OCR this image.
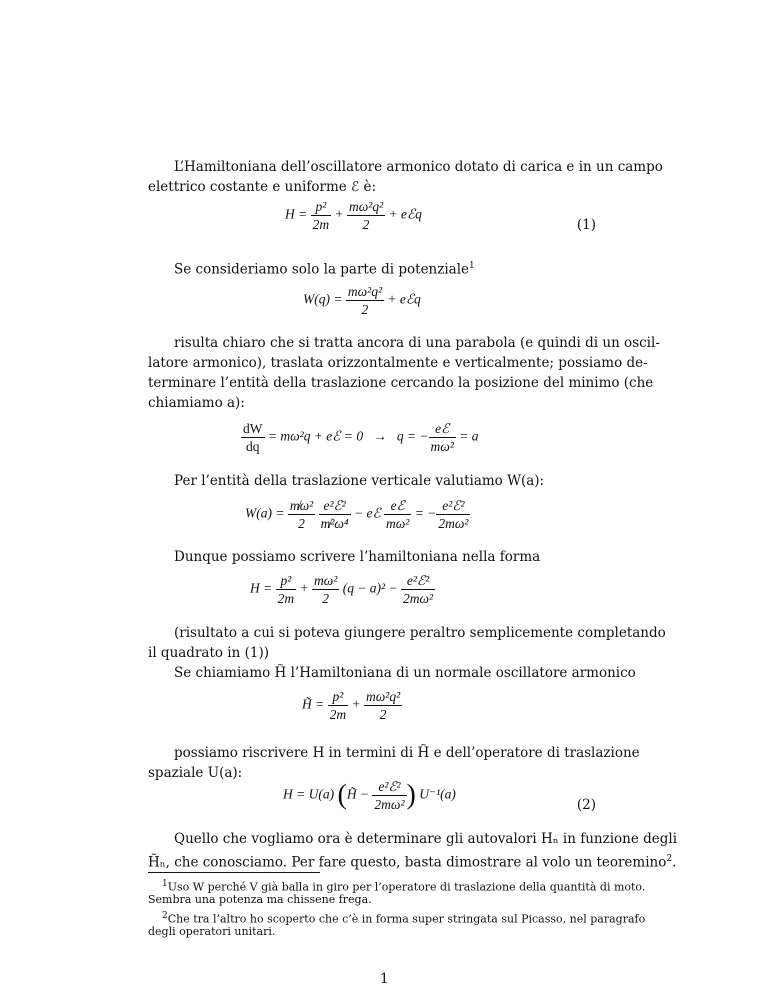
L’Hamiltoniana dell’oscillatore armonico dotato di carica e in un campo
elettrico costante e uniforme ℰ è:
$H = \frac{\text{p²}}{2m} + \frac{\text{mω²q²}}{2}$ + eℰq
(1)
Se consideriamo solo la parte di potenziale$^1$
$W(q) = \frac{\text{mω²q²}}{2}$ + eℰq
risulta chiaro che si tratta ancora di una parabola (e quindi di un oscil-
latore armonico), traslata orizzontalmente e verticalmente; possiamo de-
terminare l’entità della traslazione cercando la posizione del minimo (che
chiamiamo a):
$\frac{dW}{dq} = m\omega^2q$ + eℰ = 0   →   q = − $\frac{\text{eℰ}}{\text{mω²}} = a$
Per l’entità della traslazione verticale valutiamo W(a):
$W(a) = \frac{\text{m̸ω²}}{2}$
$\frac{\text{e²ℰ²}}{\text{m̸²ω⁴}}$ − eℰ $\frac{\text{eℰ}}{\text{mω²}}$ = − $\frac{\text{e²ℰ²}}{\text{2mω²}}$
Dunque possiamo scrivere l’hamiltoniana nella forma
$H = \frac{\text{p²}}{2m} + \frac{\text{mω²}}{2} (q - a)^2 - \frac{\text{e²ℰ²}}{\text{2mω²}}$
(risultato a cui si poteva giungere peraltro semplicemente completando
il quadrato in (1))
Se chiamiamo H̃ l’Hamiltoniana di un normale oscillatore armonico
H̃ = $\frac{\text{p²}}{2m} + \frac{\text{mω²q²}}{2}$
possiamo riscrivere H in termini di H̃ e dell’operatore di traslazione
spaziale U(a):
H = U(a) (H̃ − $\frac{\text{e²ℰ²}}{\text{2mω²}}$ ) U⁻¹(a)
(2)
Quello che vogliamo ora è determinare gli autovalori Hₙ in funzione degli
H̃ₙ, che conosciamo. Per fare questo, basta dimostrare al volo un teoremino$^2$.
$^1$Uso W perché V già balla in giro per l’operatore di traslazione della quantità di moto.
Sembra una potenza ma chissene frega.
$^2$Che tra l’altro ho scoperto che c’è in forma super stringata sul Picasso, nel paragrafo
degli operatori unitari.
1
